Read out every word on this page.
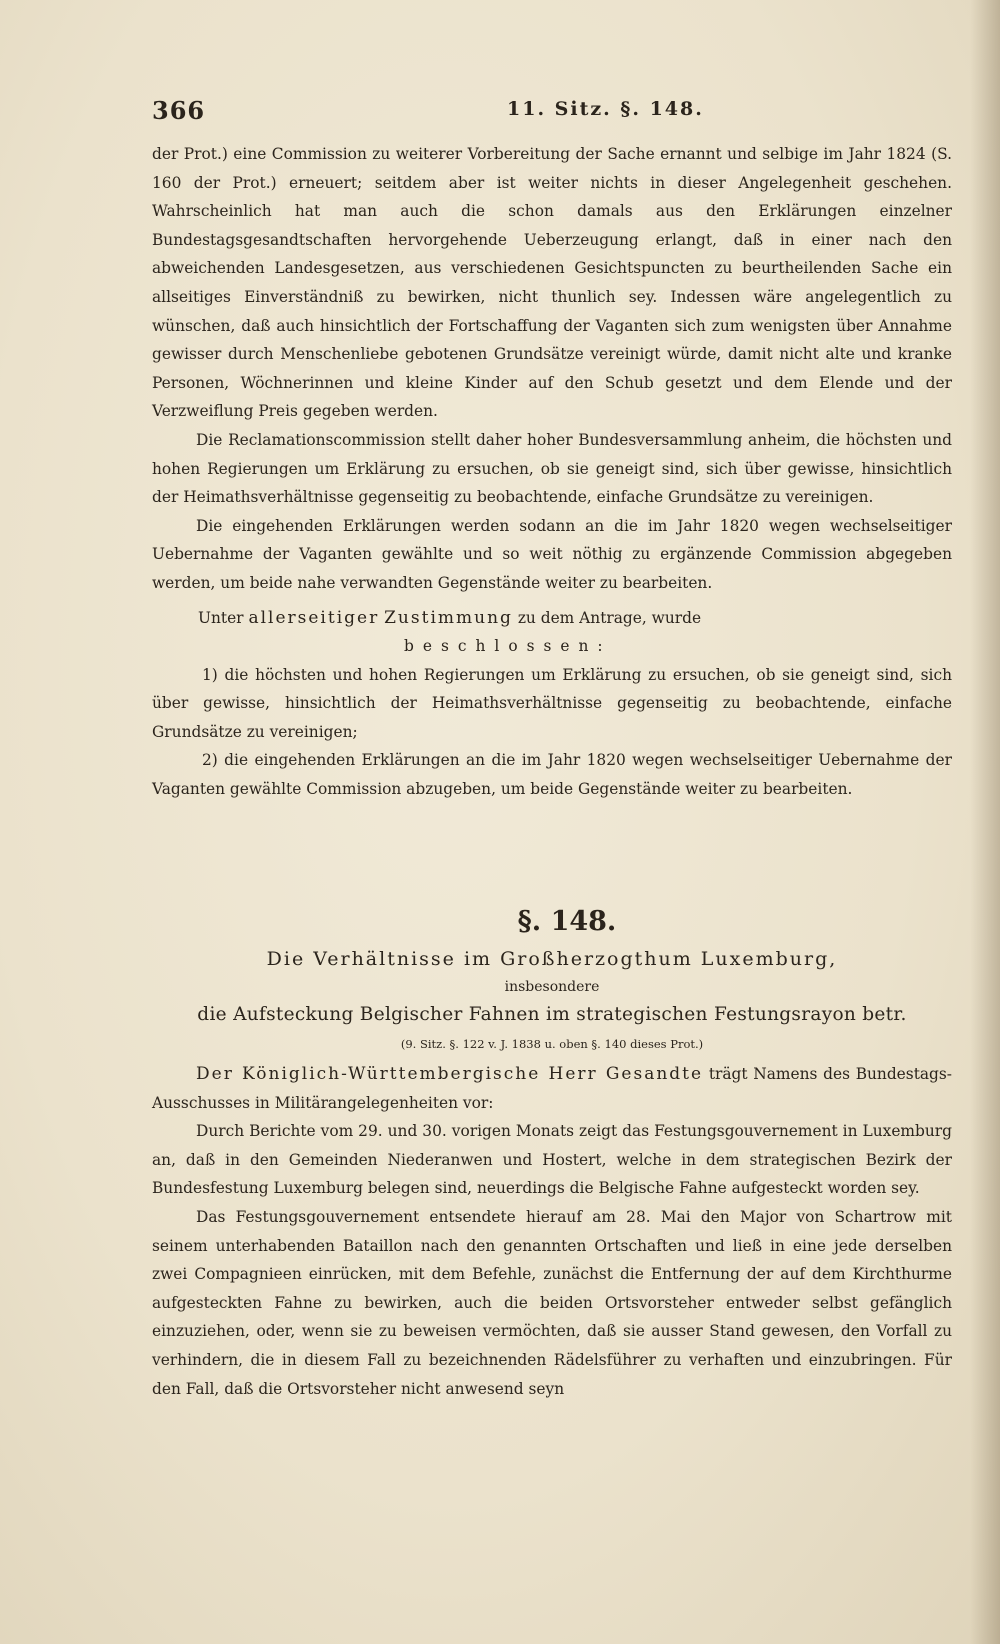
366	11. Sitz. §. 148.

der Prot.) eine Commission zu weiterer Vorbereitung der Sache ernannt und selbige im Jahr 1824 (S. 160 der Prot.) erneuert; seitdem aber ist weiter nichts in dieser Angelegenheit geschehen. Wahrscheinlich hat man auch die schon damals aus den Erklärungen einzelner Bundestagsgesandtschaften hervorgehende Ueberzeugung erlangt, daß in einer nach den abweichenden Landesgesetzen, aus verschiedenen Gesichtspuncten zu beurtheilenden Sache ein allseitiges Einverständniß zu bewirken, nicht thunlich sey. Indessen wäre angelegentlich zu wünschen, daß auch hinsichtlich der Fortschaffung der Vaganten sich zum wenigsten über Annahme gewisser durch Menschenliebe gebotenen Grundsätze vereinigt würde, damit nicht alte und kranke Personen, Wöchnerinnen und kleine Kinder auf den Schub gesetzt und dem Elende und der Verzweiflung Preis gegeben werden.

Die Reclamationscommission stellt daher hoher Bundesversammlung anheim, die höchsten und hohen Regierungen um Erklärung zu ersuchen, ob sie geneigt sind, sich über gewisse, hinsichtlich der Heimathsverhältnisse gegenseitig zu beobachtende, einfache Grundsätze zu vereinigen.

Die eingehenden Erklärungen werden sodann an die im Jahr 1820 wegen wechselseitiger Uebernahme der Vaganten gewählte und so weit nöthig zu ergänzende Commission abgegeben werden, um beide nahe verwandten Gegenstände weiter zu bearbeiten.

Unter allerseitiger Zustimmung zu dem Antrage, wurde

beschlossen:

1) die höchsten und hohen Regierungen um Erklärung zu ersuchen, ob sie geneigt sind, sich über gewisse, hinsichtlich der Heimathsverhältnisse gegenseitig zu beobachtende, einfache Grundsätze zu vereinigen;

2) die eingehenden Erklärungen an die im Jahr 1820 wegen wechselseitiger Uebernahme der Vaganten gewählte Commission abzugeben, um beide Gegenstände weiter zu bearbeiten.

§. 148.
Die Verhältnisse im Großherzogthum Luxemburg,
insbesondere
die Aufsteckung Belgischer Fahnen im strategischen Festungsrayon betr.
(9. Sitz. §. 122 v. J. 1838 u. oben §. 140 dieses Prot.)

Der Königlich-Württembergische Herr Gesandte trägt Namens des Bundestags-Ausschusses in Militärangelegenheiten vor:

Durch Berichte vom 29. und 30. vorigen Monats zeigt das Festungsgouvernement in Luxemburg an, daß in den Gemeinden Niederanwen und Hostert, welche in dem strategischen Bezirk der Bundesfestung Luxemburg belegen sind, neuerdings die Belgische Fahne aufgesteckt worden sey.

Das Festungsgouvernement entsendete hierauf am 28. Mai den Major von Schartrow mit seinem unterhabenden Bataillon nach den genannten Ortschaften und ließ in eine jede derselben zwei Compagnieen einrücken, mit dem Befehle, zunächst die Entfernung der auf dem Kirchthurme aufgesteckten Fahne zu bewirken, auch die beiden Ortsvorsteher entweder selbst gefänglich einzuziehen, oder, wenn sie zu beweisen vermöchten, daß sie ausser Stand gewesen, den Vorfall zu verhindern, die in diesem Fall zu bezeichnenden Rädelsführer zu verhaften und einzubringen. Für den Fall, daß die Ortsvorsteher nicht anwesend seyn
